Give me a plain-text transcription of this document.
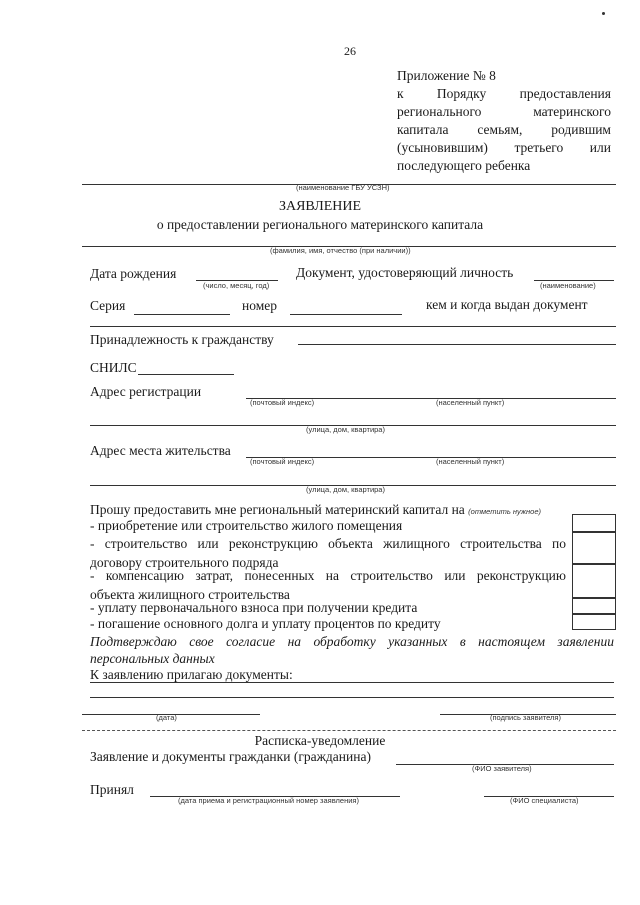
26
Приложение № 8
к Порядку предоставления
регионального	материнского
капитала семьям, родившим
(усыновившим) третьего или
последующего ребенка
(наименование ГБУ УСЗН)
ЗАЯВЛЕНИЕ
о предоставлении регионального материнского капитала
(фамилия, имя, отчество (при наличии))
Дата рождения
(число, месяц, год)
Документ, удостоверяющий личность
(наименование)
Серия	номер	кем и когда выдан документ
Принадлежность к гражданству
СНИЛС
Адрес регистрации
(почтовый индекс)	(населенный пункт)
(улица, дом, квартира)
Адрес места жительства
(почтовый индекс)	(населенный пункт)
(улица, дом, квартира)
Прошу предоставить мне региональный материнский капитал на (отметить нужное)
- приобретение или строительство жилого помещения
- строительство или реконструкцию объекта жилищного строительства по
договору строительного подряда
- компенсацию затрат, понесенных на строительство или реконструкцию
объекта жилищного строительства
- уплату первоначального взноса при получении кредита
- погашение основного долга и уплату процентов по кредиту
Подтверждаю свое согласие на обработку указанных в настоящем заявлении
персональных данных
К заявлению прилагаю документы:
(дата)	(подпись заявителя)
Расписка-уведомление
Заявление и документы гражданки (гражданина)
(ФИО заявителя)
Принял
(дата приема и регистрационный номер заявления)	(ФИО специалиста)
